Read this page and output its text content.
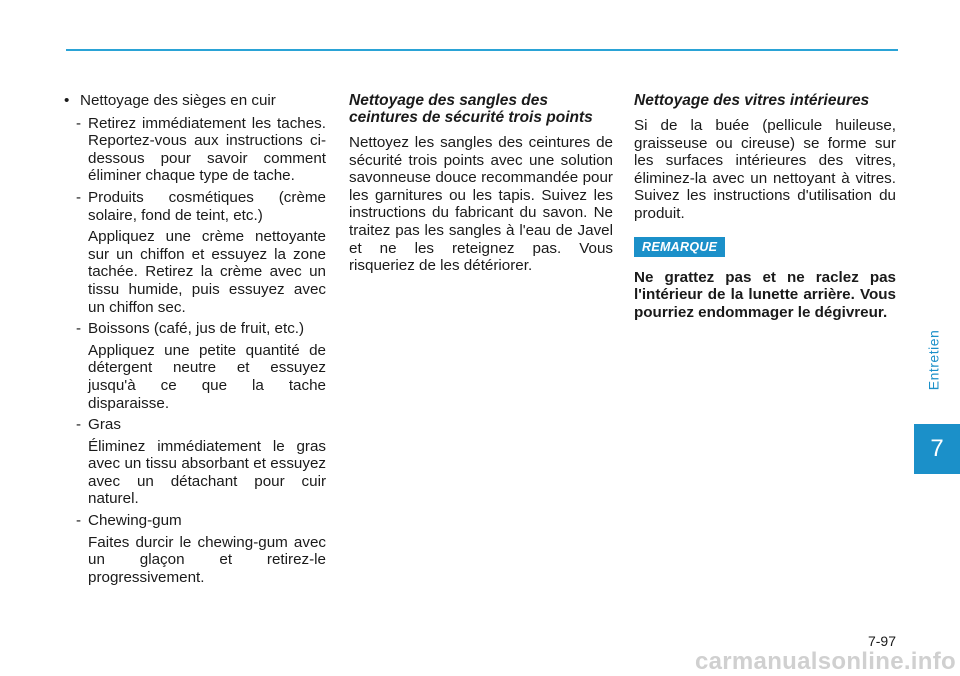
• Nettoyage des sièges en cuir
- Retirez immédiatement les taches. Reportez-vous aux instructions ci-dessous pour savoir comment éliminer chaque type de tache.
- Produits cosmétiques (crème solaire, fond de teint, etc.)
Appliquez une crème nettoyante sur un chiffon et essuyez la zone tachée. Retirez la crème avec un tissu humide, puis essuyez avec un chiffon sec.
- Boissons (café, jus de fruit, etc.)
Appliquez une petite quantité de détergent neutre et essuyez jusqu'à ce que la tache disparaisse.
- Gras
Éliminez immédiatement le gras avec un tissu absorbant et essuyez avec un détachant pour cuir naturel.
- Chewing-gum
Faites durcir le chewing-gum avec un glaçon et retirez-le progressivement.
Nettoyage des sangles des ceintures de sécurité trois points

Nettoyez les sangles des ceintures de sécurité trois points avec une solution savonneuse douce recommandée pour les garnitures ou les tapis. Suivez les instructions du fabricant du savon. Ne traitez pas les sangles à l'eau de Javel et ne les reteignez pas. Vous risqueriez de les détériorer.

Nettoyage des vitres intérieures

Si de la buée (pellicule huileuse, graisseuse ou cireuse) se forme sur les surfaces intérieures des vitres, éliminez-la avec un nettoyant à vitres. Suivez les instructions d'utilisation du produit.

REMARQUE

Ne grattez pas et ne raclez pas l'intérieur de la lunette arrière. Vous pourriez endommager le dégivreur.

Entretien
7
7-97
carmanualsonline.info
